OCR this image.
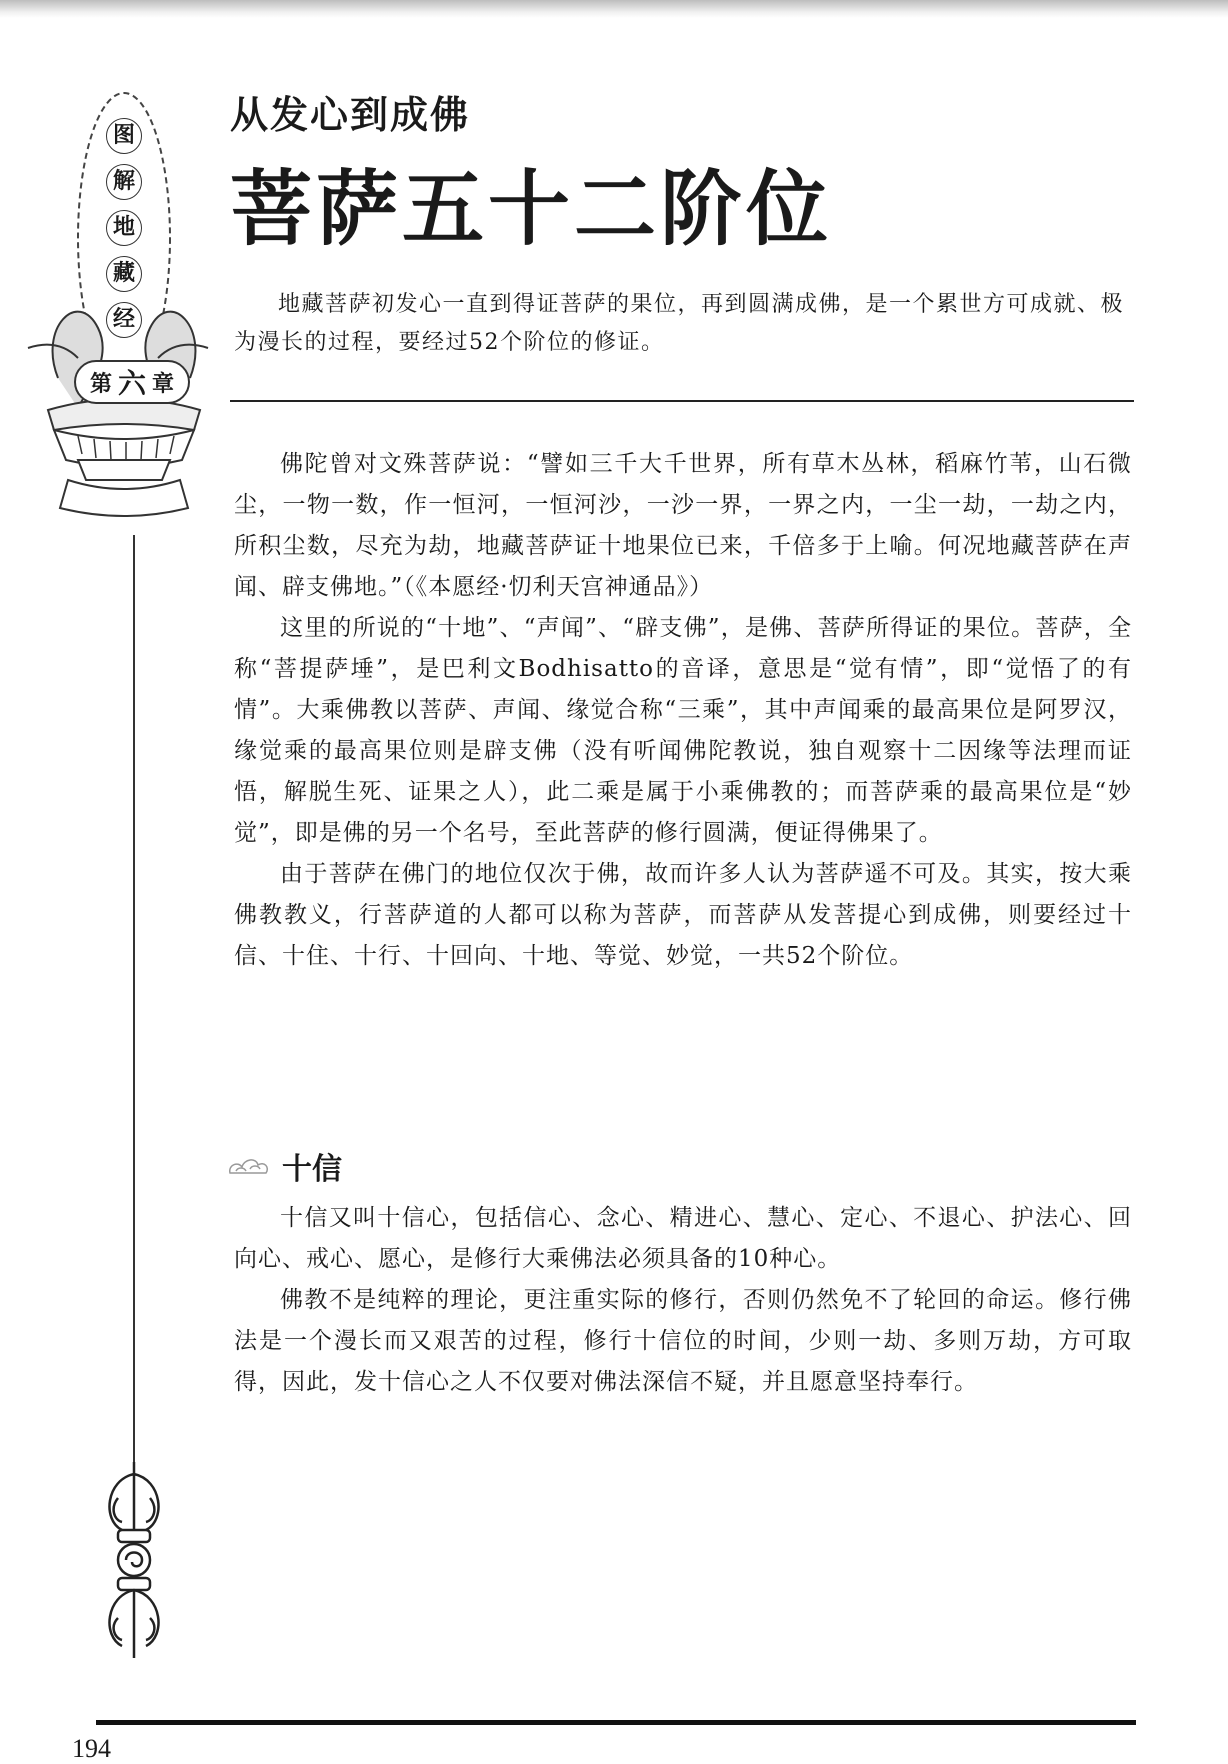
图
解
地
藏
经
第 六 章
从发心到成佛
菩萨五十二阶位

地藏菩萨初发心一直到得证菩萨的果位，再到圆满成佛，是一个累世方可成就、极为漫长的过程，要经过52个阶位的修证。

佛陀曾对文殊菩萨说：“譬如三千大千世界，所有草木丛林，稻麻竹苇，山石微尘，一物一数，作一恒河，一恒河沙，一沙一界，一界之内，一尘一劫，一劫之内，所积尘数，尽充为劫，地藏菩萨证十地果位已来，千倍多于上喻。何况地藏菩萨在声闻、辟支佛地。”（《本愿经·忉利天宫神通品》）

这里的所说的“十地”、“声闻”、“辟支佛”，是佛、菩萨所得证的果位。菩萨，全称“菩提萨埵”，是巴利文Bodhisatto的音译，意思是“觉有情”，即“觉悟了的有情”。大乘佛教以菩萨、声闻、缘觉合称“三乘”，其中声闻乘的最高果位是阿罗汉，缘觉乘的最高果位则是辟支佛（没有听闻佛陀教说，独自观察十二因缘等法理而证悟，解脱生死、证果之人），此二乘是属于小乘佛教的；而菩萨乘的最高果位是“妙觉”，即是佛的另一个名号，至此菩萨的修行圆满，便证得佛果了。

由于菩萨在佛门的地位仅次于佛，故而许多人认为菩萨遥不可及。其实，按大乘佛教教义，行菩萨道的人都可以称为菩萨，而菩萨从发菩提心到成佛，则要经过十信、十住、十行、十回向、十地、等觉、妙觉，一共52个阶位。

十信

十信又叫十信心，包括信心、念心、精进心、慧心、定心、不退心、护法心、回向心、戒心、愿心，是修行大乘佛法必须具备的10种心。

佛教不是纯粹的理论，更注重实际的修行，否则仍然免不了轮回的命运。修行佛法是一个漫长而又艰苦的过程，修行十信位的时间，少则一劫、多则万劫，方可取得，因此，发十信心之人不仅要对佛法深信不疑，并且愿意坚持奉行。

194
